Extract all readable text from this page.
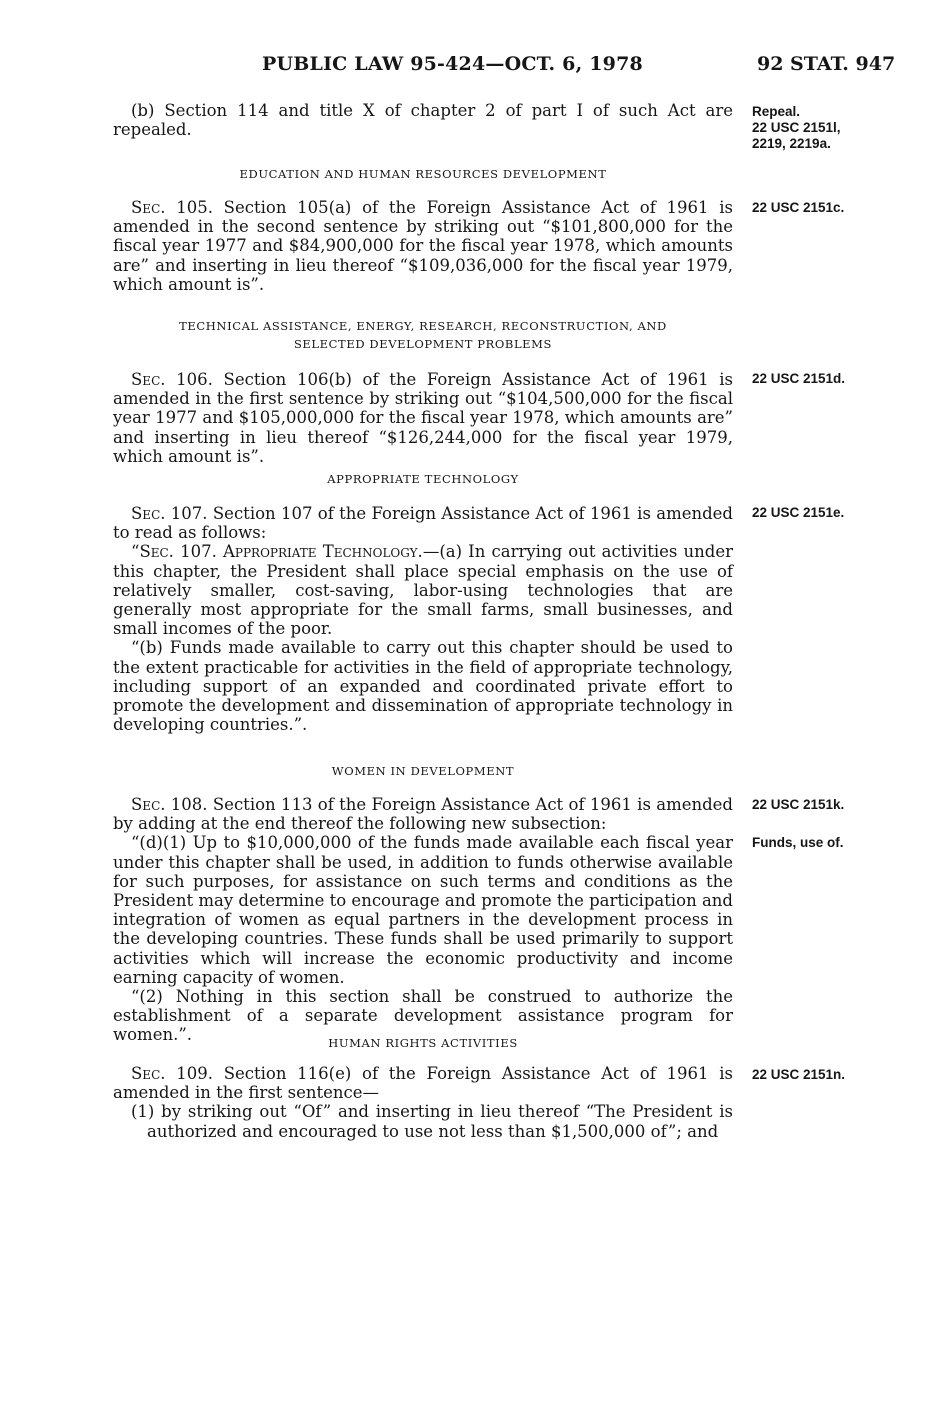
PUBLIC LAW 95-424—OCT. 6, 1978	92 STAT. 947

(b) Section 114 and title X of chapter 2 of part I of such Act are repealed.

EDUCATION AND HUMAN RESOURCES DEVELOPMENT

Sec. 105. Section 105(a) of the Foreign Assistance Act of 1961 is amended in the second sentence by striking out “$101,800,000 for the fiscal year 1977 and $84,900,000 for the fiscal year 1978, which amounts are” and inserting in lieu thereof “$109,036,000 for the fiscal year 1979, which amount is”.

TECHNICAL ASSISTANCE, ENERGY, RESEARCH, RECONSTRUCTION, AND
SELECTED DEVELOPMENT PROBLEMS

Sec. 106. Section 106(b) of the Foreign Assistance Act of 1961 is amended in the first sentence by striking out “$104,500,000 for the fiscal year 1977 and $105,000,000 for the fiscal year 1978, which amounts are” and inserting in lieu thereof “$126,244,000 for the fiscal year 1979, which amount is”.

APPROPRIATE TECHNOLOGY

Sec. 107. Section 107 of the Foreign Assistance Act of 1961 is amended to read as follows:

“Sec. 107. Appropriate Technology.—(a) In carrying out activities under this chapter, the President shall place special emphasis on the use of relatively smaller, cost-saving, labor-using technologies that are generally most appropriate for the small farms, small businesses, and small incomes of the poor.

“(b) Funds made available to carry out this chapter should be used to the extent practicable for activities in the field of appropriate technology, including support of an expanded and coordinated private effort to promote the development and dissemination of appropriate technology in developing countries.”.

WOMEN IN DEVELOPMENT

Sec. 108. Section 113 of the Foreign Assistance Act of 1961 is amended by adding at the end thereof the following new subsection:

“(d)(1) Up to $10,000,000 of the funds made available each fiscal year under this chapter shall be used, in addition to funds otherwise available for such purposes, for assistance on such terms and conditions as the President may determine to encourage and promote the participation and integration of women as equal partners in the development process in the developing countries. These funds shall be used primarily to support activities which will increase the economic productivity and income earning capacity of women.

“(2) Nothing in this section shall be construed to authorize the establishment of a separate development assistance program for women.”.	HUMAN RIGHTS ACTIVITIES

Sec. 109. Section 116(e) of the Foreign Assistance Act of 1961 is amended in the first sentence—

(1) by striking out “Of” and inserting in lieu thereof “The President is authorized and encouraged to use not less than $1,500,000 of”; and

Repeal.
22 USC 2151l,
2219, 2219a.
22 USC 2151c.
22 USC 2151d.
22 USC 2151e.
22 USC 2151k.
Funds, use of.
22 USC 2151n.
